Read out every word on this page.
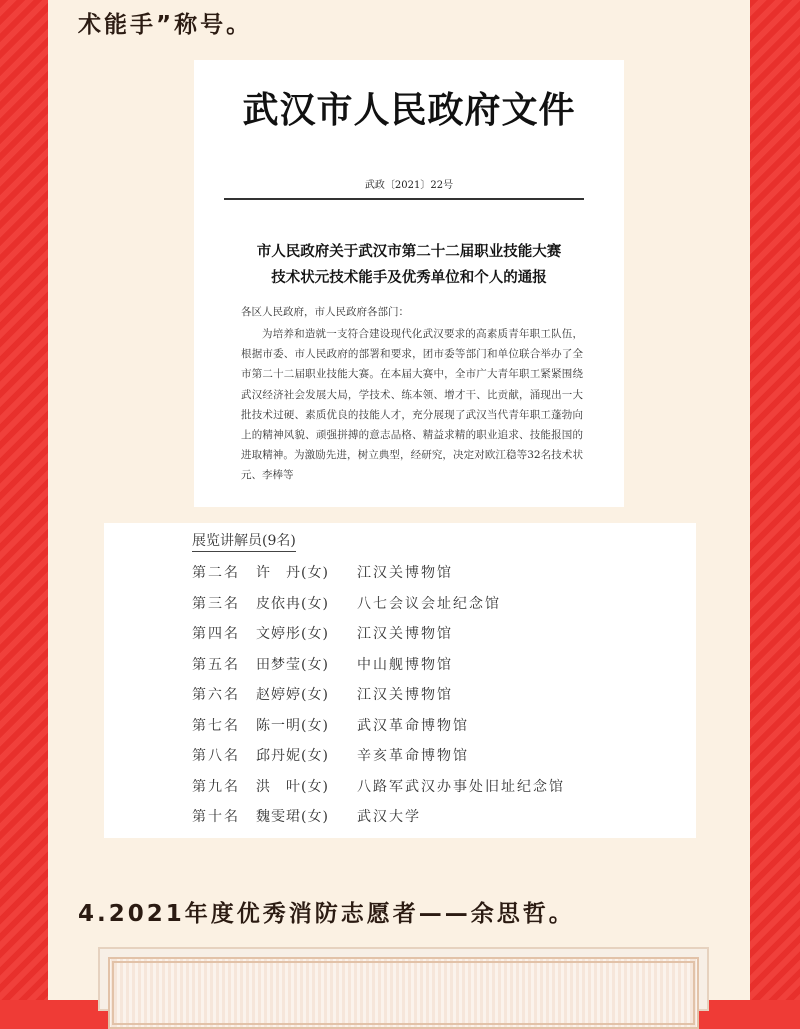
术能手”称号。
武汉市人民政府文件
武政〔2021〕22号
市人民政府关于武汉市第二十二届职业技能大赛
技术状元技术能手及优秀单位和个人的通报
各区人民政府，市人民政府各部门：
为培养和造就一支符合建设现代化武汉要求的高素质青年职工队伍，根据市委、市人民政府的部署和要求，团市委等部门和单位联合举办了全市第二十二届职业技能大赛。在本届大赛中，全市广大青年职工紧紧围绕武汉经济社会发展大局，学技术、练本领、增才干、比贡献，涌现出一大批技术过硬、素质优良的技能人才，充分展现了武汉当代青年职工蓬勃向上的精神风貌、顽强拼搏的意志品格、精益求精的职业追求、技能报国的进取精神。为激励先进，树立典型，经研究，决定对欧江稳等32名技术状元、李棒等
展览讲解员(9名)
第二名	许　丹(女)	江汉关博物馆
第三名	皮依冉(女)	八七会议会址纪念馆
第四名	文婷彤(女)	江汉关博物馆
第五名	田梦莹(女)	中山舰博物馆
第六名	赵婷婷(女)	江汉关博物馆
第七名	陈一明(女)	武汉革命博物馆
第八名	邱丹妮(女)	辛亥革命博物馆
第九名	洪　叶(女)	八路军武汉办事处旧址纪念馆
第十名	魏雯珺(女)	武汉大学
4.2021年度优秀消防志愿者——余思哲。
